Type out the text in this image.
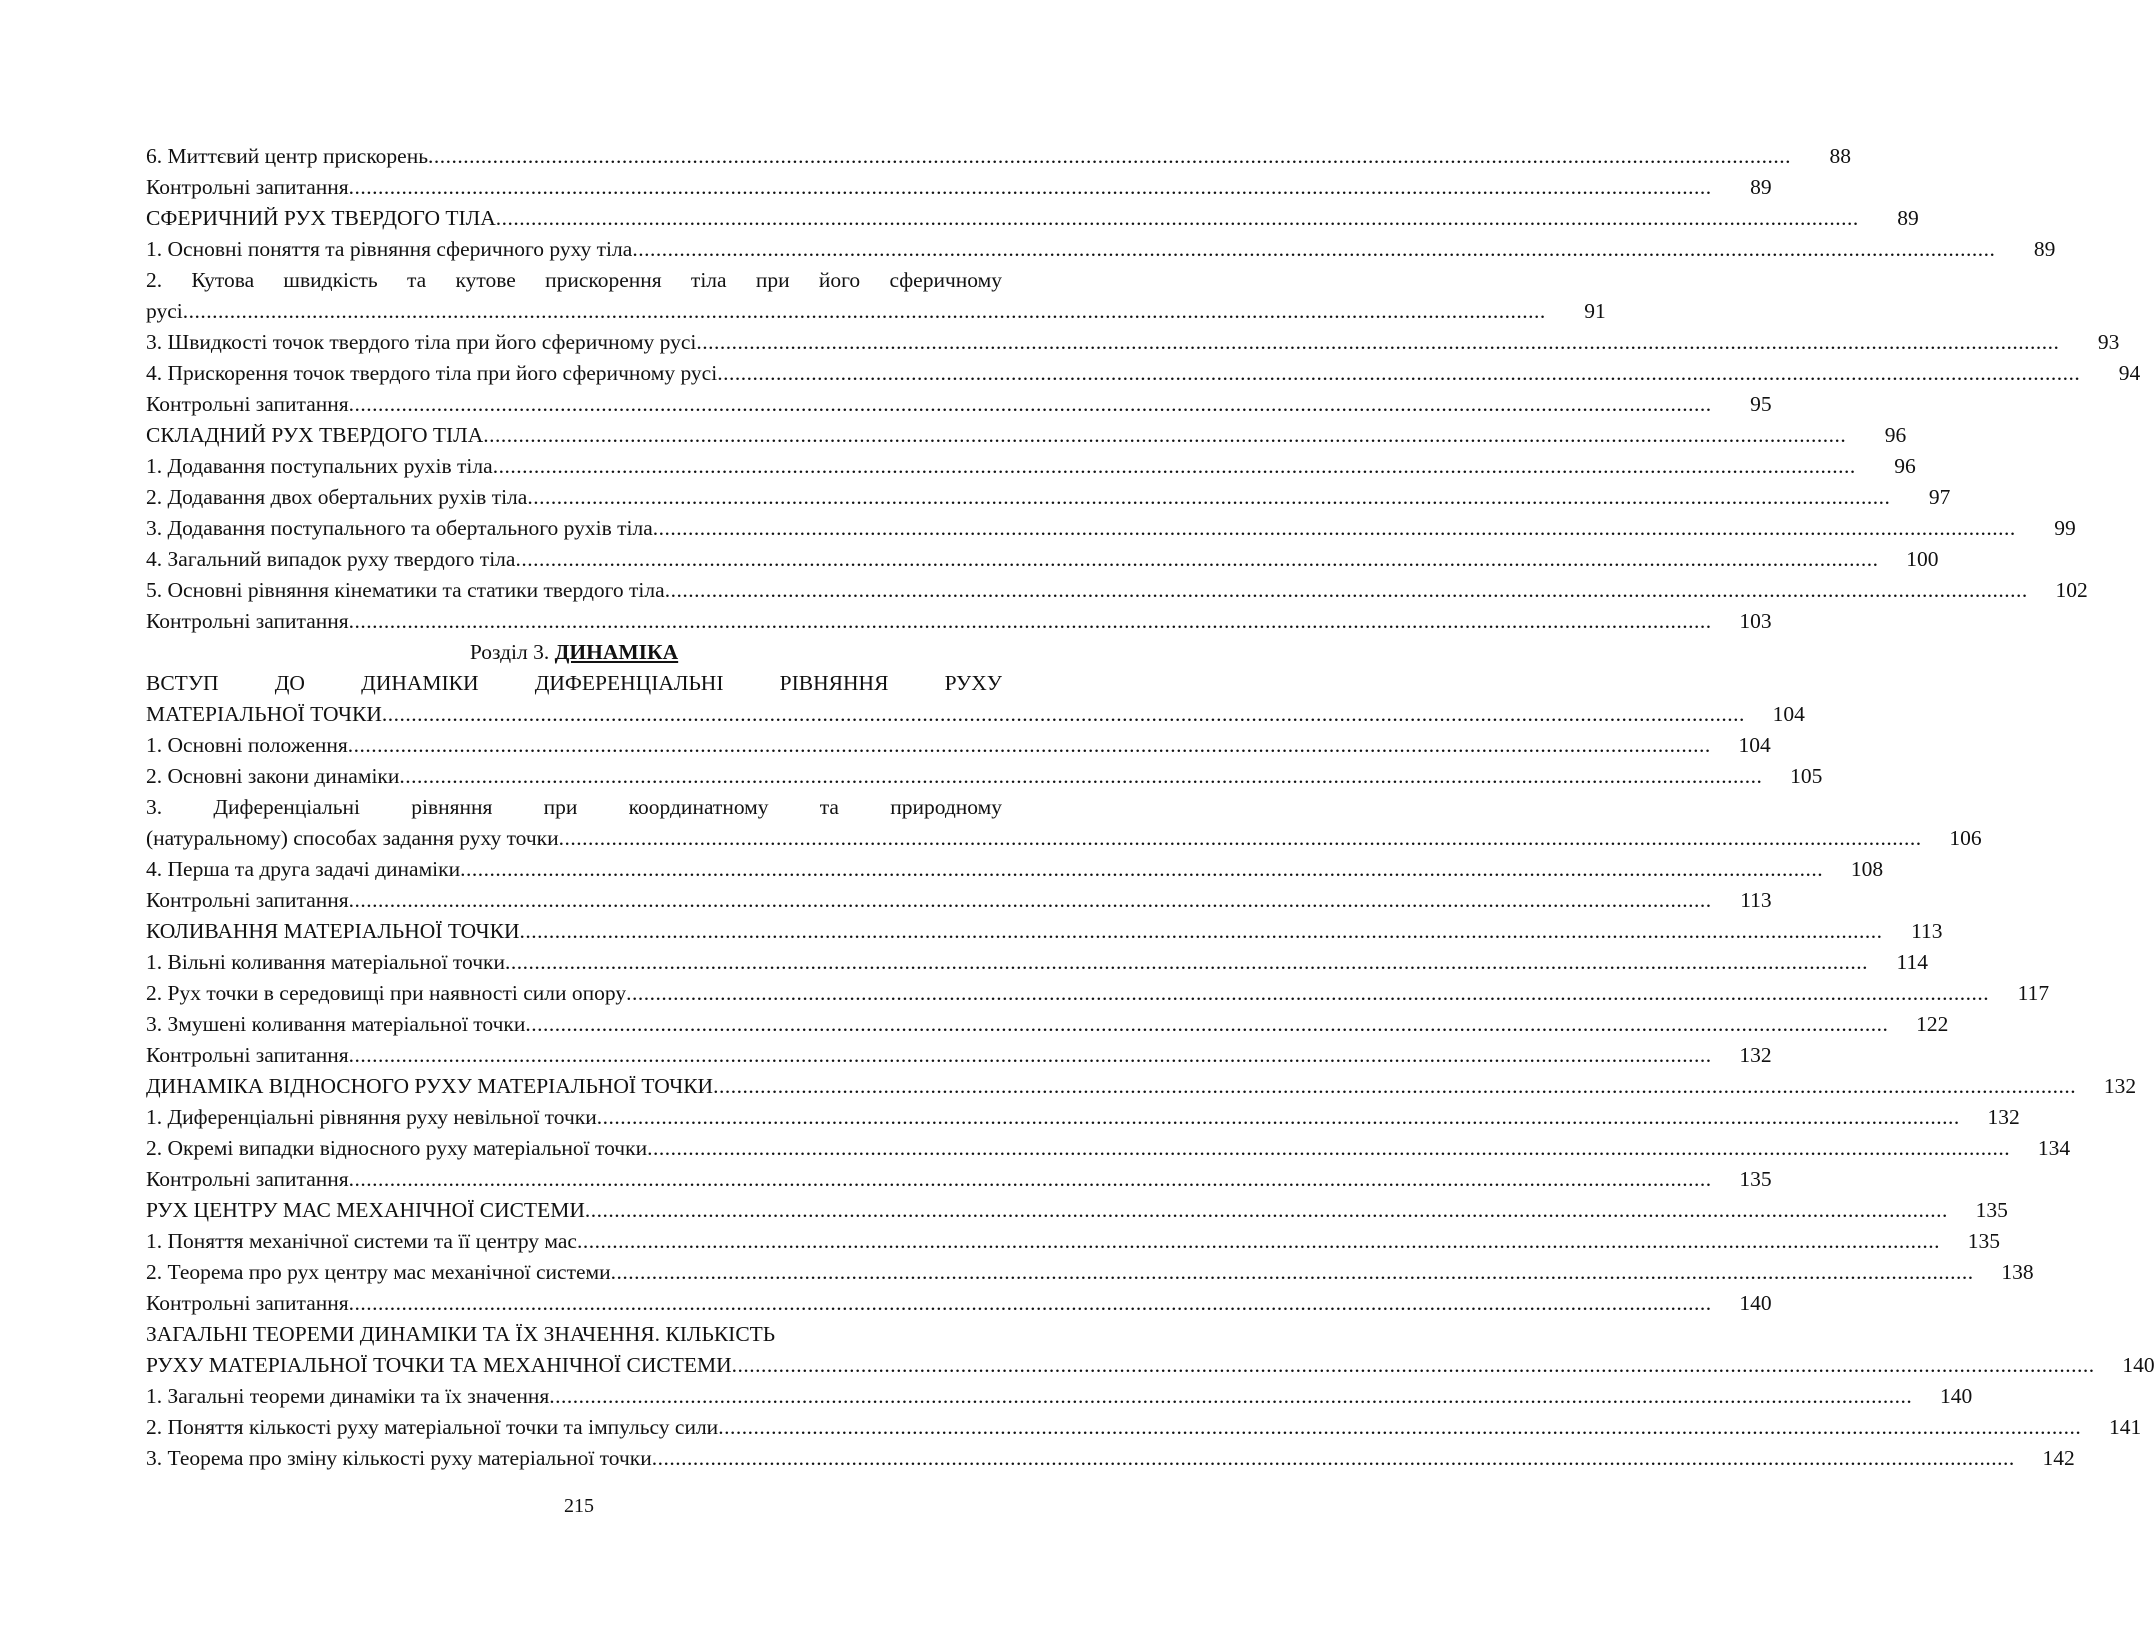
6. Миттєвий центр прискорень .....	88
Контрольні запитання .....	89
СФЕРИЧНИЙ РУХ ТВЕРДОГО ТІЛА .....	89
1. Основні поняття та рівняння сферичного руху тіла .....	89
2. Кутова швидкість та кутове прискорення тіла при його сферичному
русі .....	91
3. Швидкості точок твердого тіла при його сферичному русі .....	93
4. Прискорення точок твердого тіла при його сферичному русі .....	94
Контрольні запитання .....	95
СКЛАДНИЙ РУХ ТВЕРДОГО ТІЛА .....	96
1. Додавання поступальних рухів тіла .....	96
2. Додавання двох обертальних рухів тіла .....	97
3. Додавання поступального та обертального рухів тіла .....	99
4. Загальний випадок руху твердого тіла .....	100
5. Основні рівняння кінематики та статики твердого тіла .....	102
Контрольні запитання .....	103
Розділ 3.
ДИНАМІКА
ВСТУП ДО ДИНАМІКИ ДИФЕРЕНЦІАЛЬНІ РІВНЯННЯ РУХУ
МАТЕРІАЛЬНОЇ ТОЧКИ .....	104
1. Основні положення .....	104
2. Основні закони динаміки .....	105
3. Диференціальні рівняння при координатному та природному
(натуральному) способах задання руху точки .....	106
4. Перша та друга задачі динаміки .....	108
Контрольні запитання .....	113
КОЛИВАННЯ МАТЕРІАЛЬНОЇ ТОЧКИ .....	113
1. Вільні коливання матеріальної точки .....	114
2. Рух точки в середовищі при наявності сили опору .....	117
3. Змушені коливання матеріальної точки .....	122
Контрольні запитання .....	132
ДИНАМІКА ВІДНОСНОГО РУХУ МАТЕРІАЛЬНОЇ ТОЧКИ .....	132
1. Диференціальні рівняння руху невільної точки .....	132
2. Окремі випадки відносного руху матеріальної точки .....	134
Контрольні запитання .....	135
РУХ ЦЕНТРУ МАС МЕХАНІЧНОЇ СИСТЕМИ .....	135
1. Поняття механічної системи та її центру мас .....	135
2. Теорема про рух центру мас механічної системи .....	138
Контрольні запитання .....	140
ЗАГАЛЬНІ ТЕОРЕМИ ДИНАМІКИ ТА ЇХ ЗНАЧЕННЯ. КІЛЬКІСТЬ
РУХУ МАТЕРІАЛЬНОЇ ТОЧКИ ТА МЕХАНІЧНОЇ СИСТЕМИ .....	140
1. Загальні теореми динаміки та їх значення .....	140
2. Поняття кількості руху матеріальної точки та імпульсу сили .....	141
3. Теорема про зміну кількості руху матеріальної точки .....	142
215
